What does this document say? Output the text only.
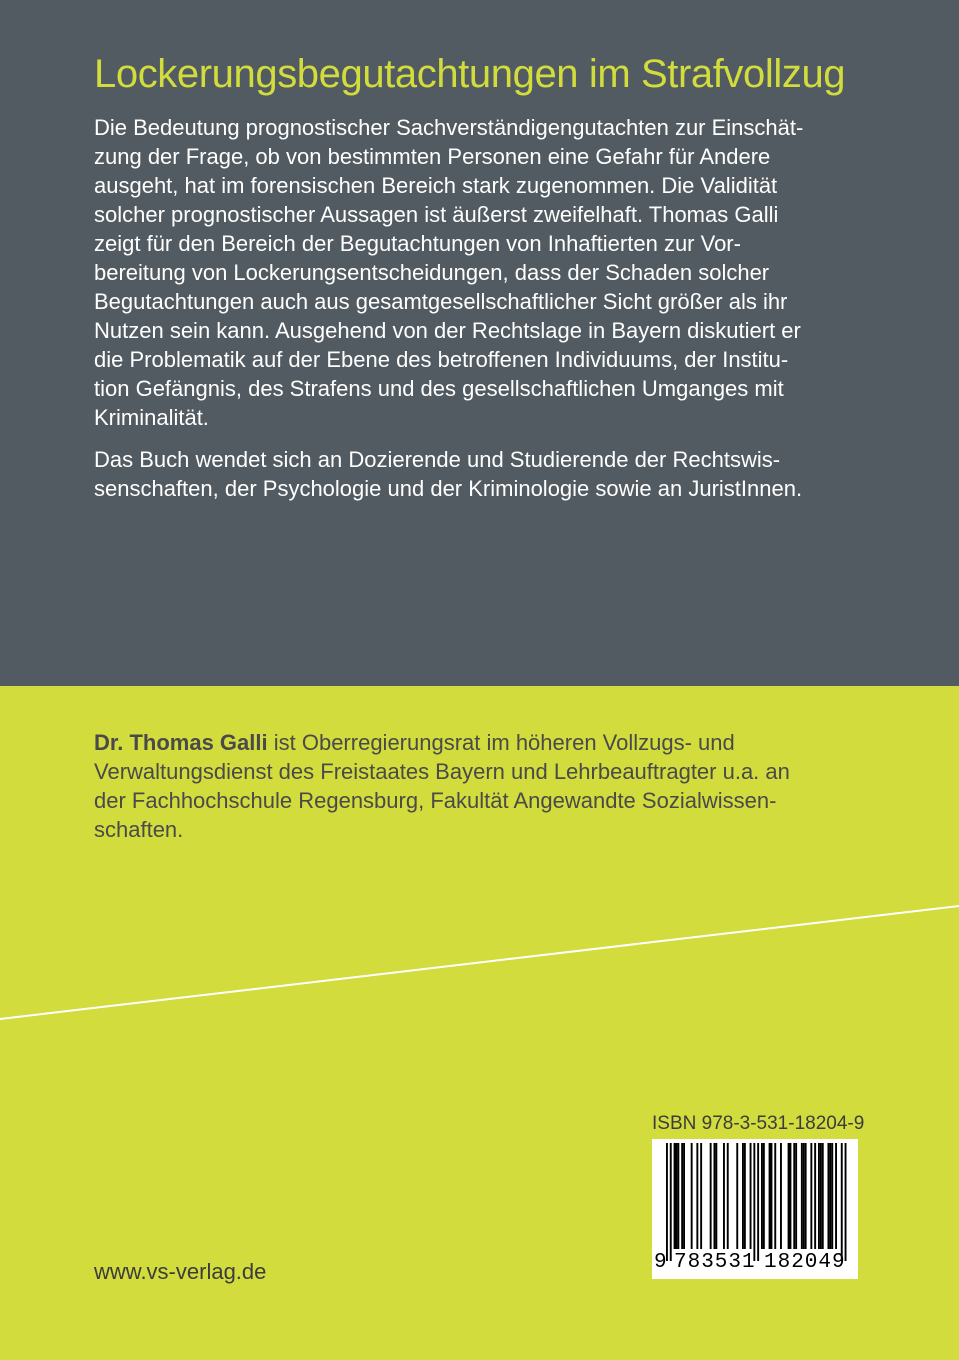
Lockerungsbegutachtungen im Strafvollzug
Die Bedeutung prognostischer Sachverständigengutachten zur Einschät-
zung der Frage, ob von bestimmten Personen eine Gefahr für Andere
ausgeht, hat im forensischen Bereich stark zugenommen. Die Validität
solcher prognostischer Aussagen ist äußerst zweifelhaft. Thomas Galli
zeigt für den Bereich der Begutachtungen von Inhaftierten zur Vor-
bereitung von Lockerungsentscheidungen, dass der Schaden solcher
Begutachtungen auch aus gesamtgesellschaftlicher Sicht größer als ihr
Nutzen sein kann. Ausgehend von der Rechtslage in Bayern diskutiert er
die Problematik auf der Ebene des betroffenen Individuums, der Institu-
tion Gefängnis, des Strafens und des gesellschaftlichen Umganges mit
Kriminalität.
Das Buch wendet sich an Dozierende und Studierende der Rechtswis-
senschaften, der Psychologie und der Kriminologie sowie an JuristInnen.
Dr. Thomas Galli ist Oberregierungsrat im höheren Vollzugs- und
Verwaltungsdienst des Freistaates Bayern und Lehrbeauftragter u.a. an
der Fachhochschule Regensburg, Fakultät Angewandte Sozialwissen-
schaften.
ISBN 978-3-531-18204-9
9 783531 182049
www.vs-verlag.de
